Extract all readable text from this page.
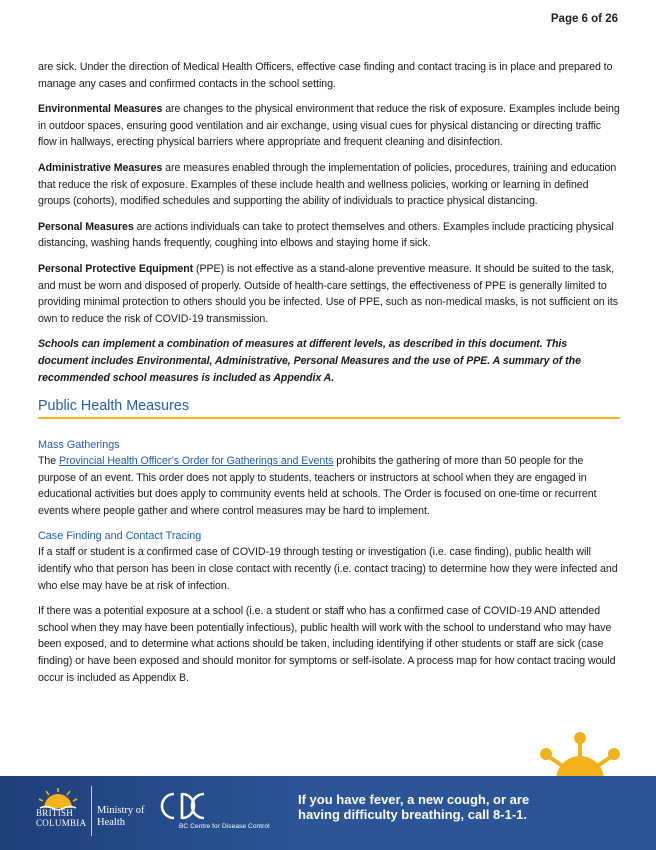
Page 6 of 26

are sick. Under the direction of Medical Health Officers, effective case finding and contact tracing is in place and prepared to manage any cases and confirmed contacts in the school setting.

Environmental Measures are changes to the physical environment that reduce the risk of exposure. Examples include being in outdoor spaces, ensuring good ventilation and air exchange, using visual cues for physical distancing or directing traffic flow in hallways, erecting physical barriers where appropriate and frequent cleaning and disinfection.

Administrative Measures are measures enabled through the implementation of policies, procedures, training and education that reduce the risk of exposure. Examples of these include health and wellness policies, working or learning in defined groups (cohorts), modified schedules and supporting the ability of individuals to practice physical distancing.

Personal Measures are actions individuals can take to protect themselves and others. Examples include practicing physical distancing, washing hands frequently, coughing into elbows and staying home if sick.

Personal Protective Equipment (PPE) is not effective as a stand-alone preventive measure. It should be suited to the task, and must be worn and disposed of properly. Outside of health-care settings, the effectiveness of PPE is generally limited to providing minimal protection to others should you be infected. Use of PPE, such as non-medical masks, is not sufficient on its own to reduce the risk of COVID-19 transmission.

Schools can implement a combination of measures at different levels, as described in this document. This document includes Environmental, Administrative, Personal Measures and the use of PPE. A summary of the recommended school measures is included as Appendix A.

Public Health Measures
Mass Gatherings

The Provincial Health Officer’s Order for Gatherings and Events prohibits the gathering of more than 50 people for the purpose of an event. This order does not apply to students, teachers or instructors at school when they are engaged in educational activities but does apply to community events held at schools. The Order is focused on one-time or recurrent events where people gather and where control measures may be hard to implement.

Case Finding and Contact Tracing

If a staff or student is a confirmed case of COVID-19 through testing or investigation (i.e. case finding), public health will identify who that person has been in close contact with recently (i.e. contact tracing) to determine how they were infected and who else may have be at risk of infection.

If there was a potential exposure at a school (i.e. a student or staff who has a confirmed case of COVID-19 AND attended school when they may have been potentially infectious), public health will work with the school to understand who may have been exposed, and to determine what actions should be taken, including identifying if other students or staff are sick (case finding) or have been exposed and should monitor for symptoms or self-isolate. A process map for how contact tracing would occur is included as Appendix B.

BRITISH
COLUMBIA
Ministry of
Health	BC Centre for Disease Control
If you have fever, a new cough, or are
having difficulty breathing, call 8-1-1.
